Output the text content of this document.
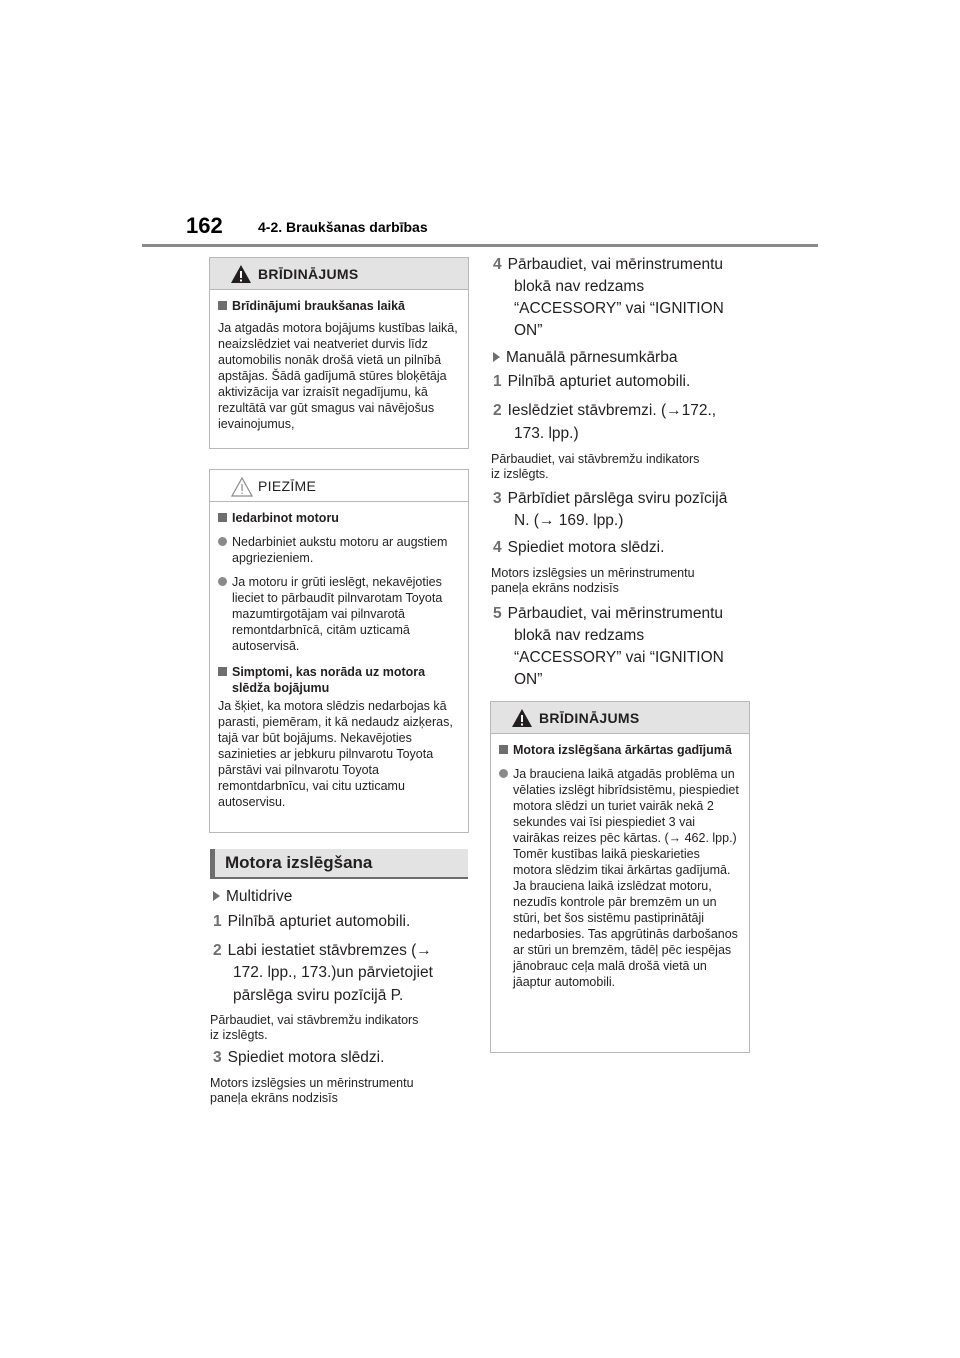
162	4-2. Braukšanas darbības
BRĪDINĀJUMS
Brīdinājumi braukšanas laikā
Ja atgadās motora bojājums kustības laikā, neaizslēdziet vai neatveriet durvis līdz automobilis nonāk drošā vietā un pilnībā apstājas. Šādā gadījumā stūres bloķētāja aktivizācija var izraisīt negadījumu, kā rezultātā var gūt smagus vai nāvējošus ievainojumus,
PIEZĪME
Iedarbinot motoru
Nedarbiniet aukstu motoru ar augstiem apgriezieniem.
Ja motoru ir grūti ieslēgt, nekavējoties lieciet to pārbaudīt pilnvarotam Toyota mazumtirgotājam vai pilnvarotā remontdarbnīcā, citām uzticamā autoservisā.
Simptomi, kas norāda uz motora slēdža bojājumu
Ja šķiet, ka motora slēdzis nedarbojas kā parasti, piemēram, it kā nedaudz aizķeras, tajā var būt bojājums. Nekavējoties sazinieties ar jebkuru pilnvarotu Toyota pārstāvi vai pilnvarotu Toyota remontdarbnīcu, vai citu uzticamu autoservisu.
Motora izslēgšana
Multidrive
1 Pilnībā apturiet automobili.
2 Labi iestatiet stāvbremzes (→
172. lpp., 173.)un pārvietojiet
pārslēga sviru pozīcijā P.
Pārbaudiet, vai stāvbremžu indikators
iz izslēgts.
3 Spiediet motora slēdzi.
Motors izslēgsies un mērinstrumentu
paneļa ekrāns nodzisīs
4 Pārbaudiet, vai mērinstrumentu
blokā nav redzams
“ACCESSORY” vai “IGNITION
ON”
Manuālā pārnesumkārba
1 Pilnībā apturiet automobili.
2 Ieslēdziet stāvbremzi. (→172.,
173. lpp.)
Pārbaudiet, vai stāvbremžu indikators
iz izslēgts.
3 Pārbīdiet pārslēga sviru pozīcijā
N. (→ 169. lpp.)
4 Spiediet motora slēdzi.
Motors izslēgsies un mērinstrumentu
paneļa ekrāns nodzisīs
5 Pārbaudiet, vai mērinstrumentu
blokā nav redzams
“ACCESSORY” vai “IGNITION
ON”
BRĪDINĀJUMS
Motora izslēgšana ārkārtas gadījumā
Ja brauciena laikā atgadās problēma un vēlaties izslēgt hibrīdsistēmu, piespiediet motora slēdzi un turiet vairāk nekā 2 sekundes vai īsi piespiediet 3 vai vairākas reizes pēc kārtas. (→ 462. lpp.)
Tomēr kustības laikā pieskarieties motora slēdzim tikai ārkārtas gadījumā. Ja brauciena laikā izslēdzat motoru, nezudīs kontrole pār bremzēm un un stūri, bet šos sistēmu pastiprinātāji nedarbosies. Tas apgrūtinās darbošanos ar stūri un bremzēm, tādēļ pēc iespējas jānobrauc ceļa malā drošā vietā un jāaptur automobili.
